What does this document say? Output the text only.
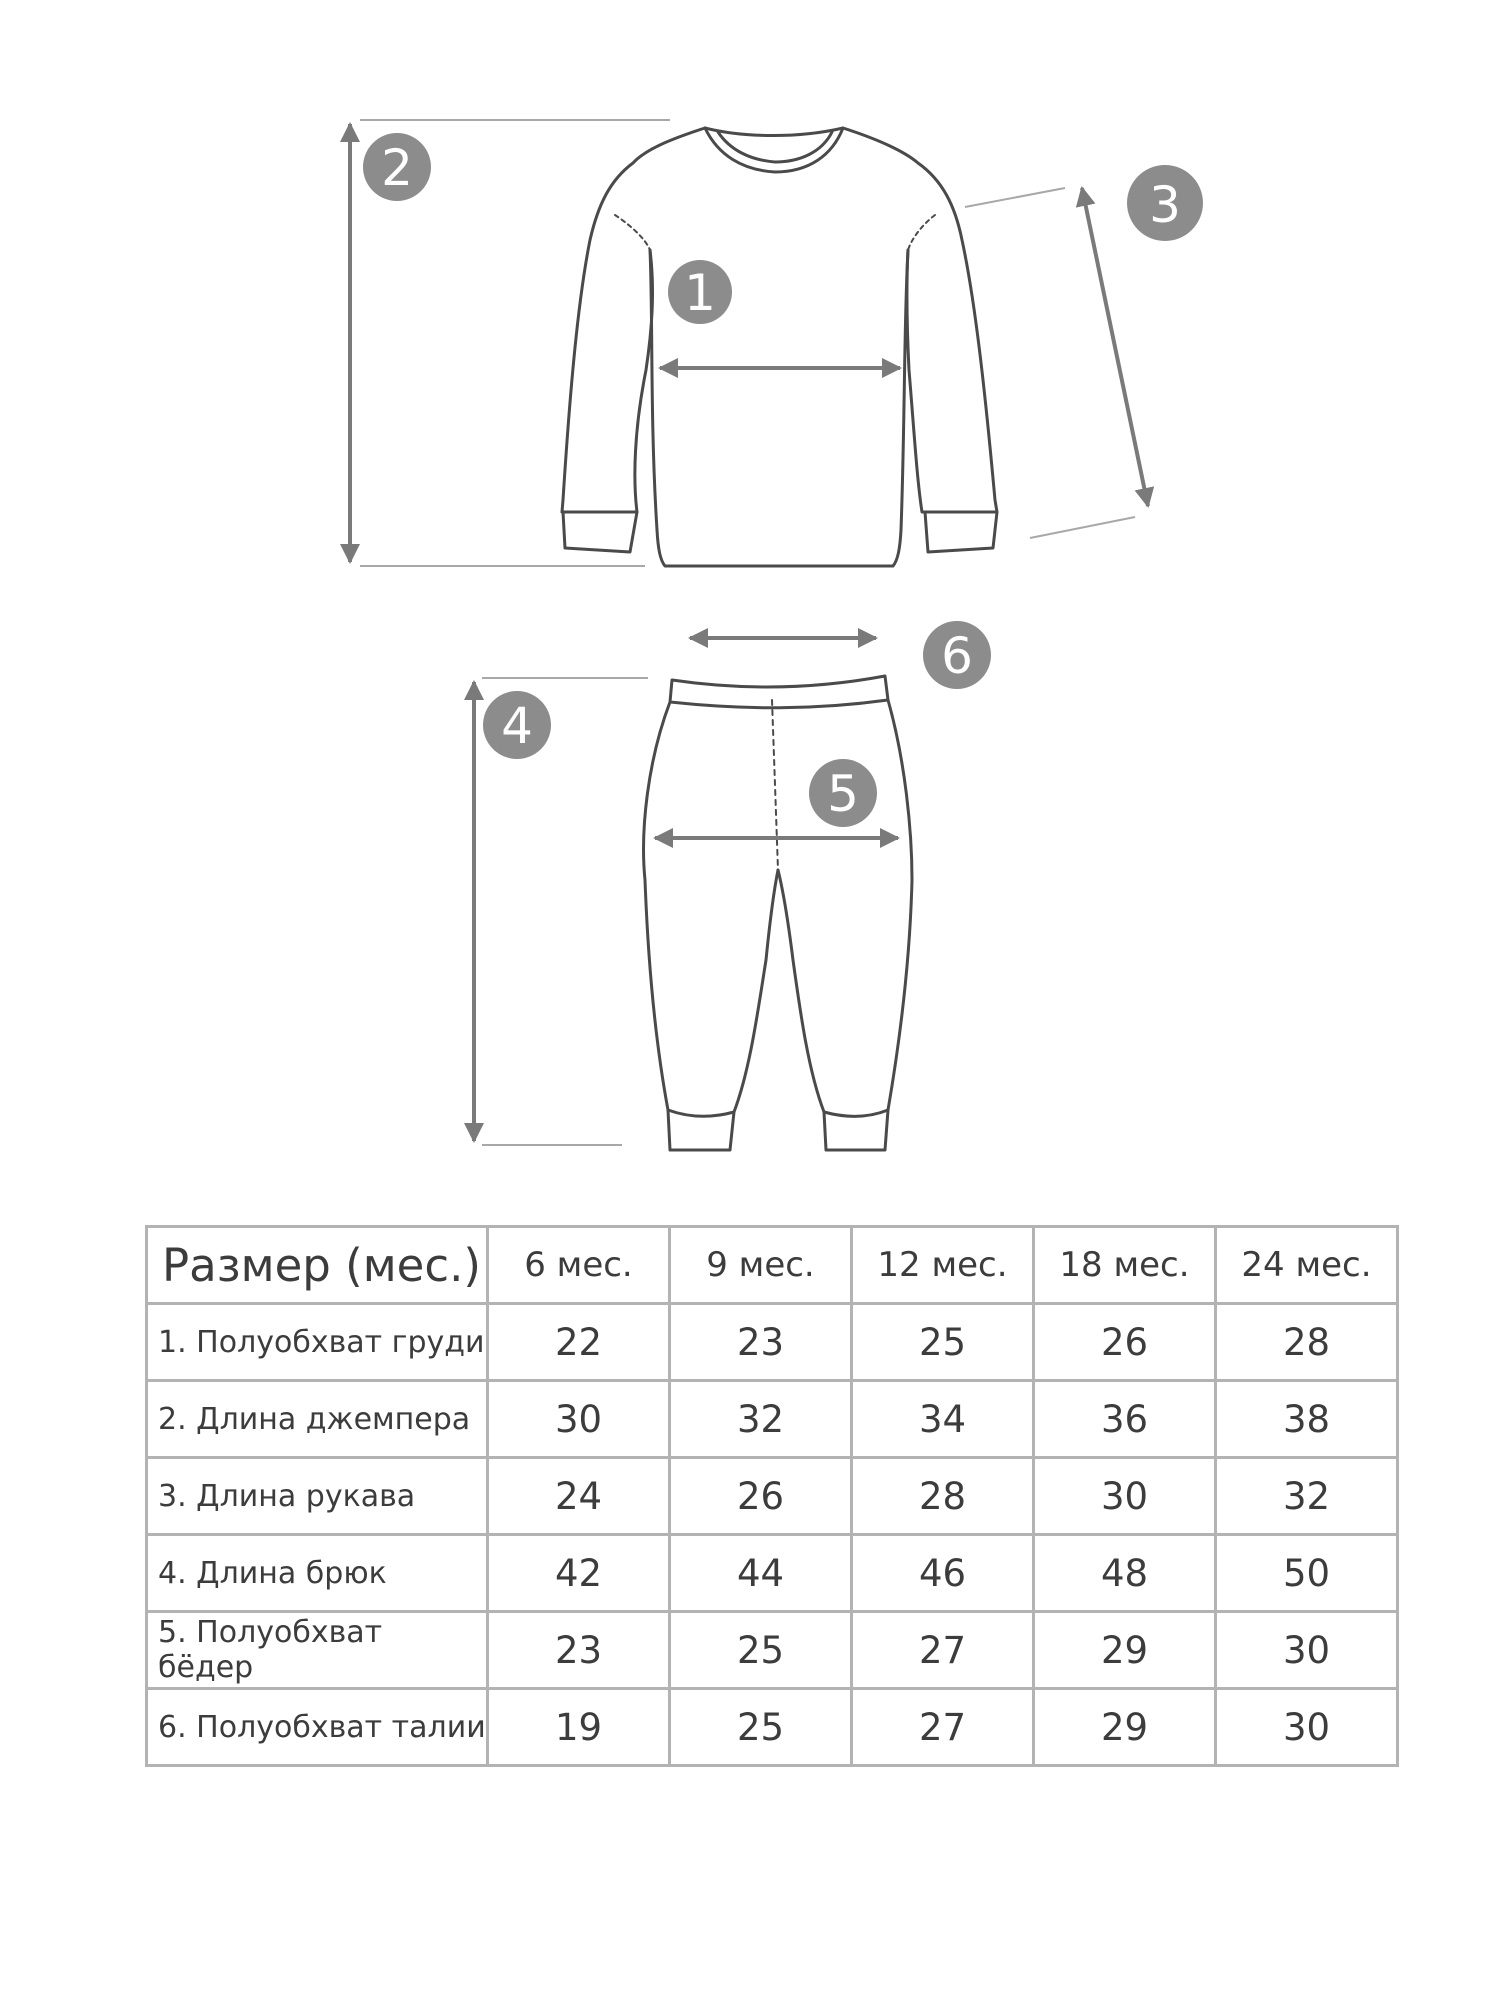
1
2
3
4
5
6
Размер (мес.)	6 мес.	9 мес.	12 мес.	18 мес.	24 мес.
1. Полуобхват груди	22	23	25	26	28
2. Длина джемпера	30	32	34	36	38
3. Длина рукава	24	26	28	30	32
4. Длина брюк	42	44	46	48	50
5. Полуобхват бёдер	23	25	27	29	30
6. Полуобхват талии	19	25	27	29	30
